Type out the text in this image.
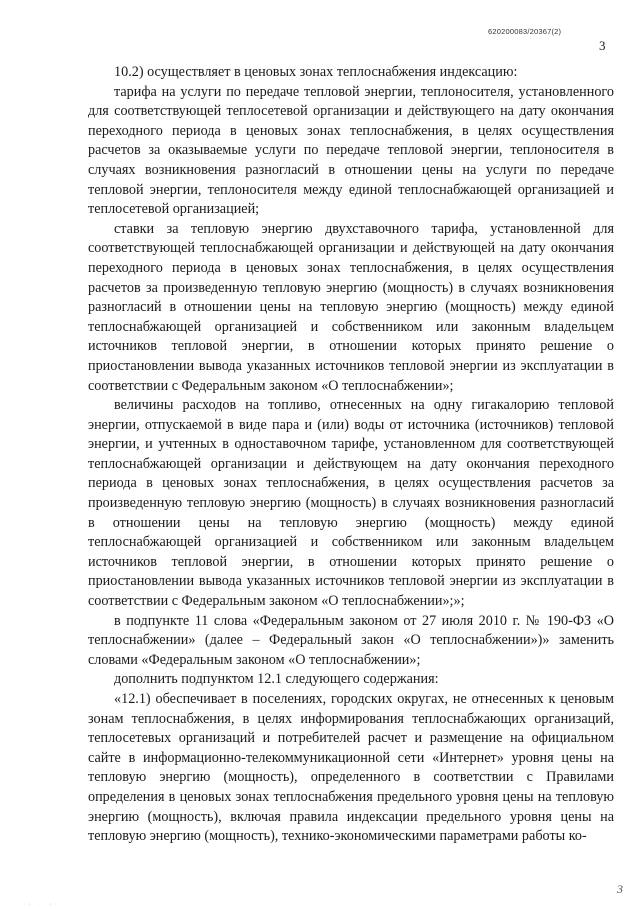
620200083/20367(2)
3

10.2) осуществляет в ценовых зонах теплоснабжения индексацию:

тарифа на услуги по передаче тепловой энергии, теплоносителя, установленного для соответствующей теплосетевой организации и действующего на дату окончания переходного периода в ценовых зонах теплоснабжения, в целях осуществления расчетов за оказываемые услуги по передаче тепловой энергии, теплоносителя в случаях возникновения разногласий в отношении цены на услуги по передаче тепловой энергии, теплоносителя между единой теплоснабжающей организацией и теплосетевой организацией;

ставки за тепловую энергию двухставочного тарифа, установленной для соответствующей теплоснабжающей организации и действующей на дату окончания переходного периода в ценовых зонах теплоснабжения, в целях осуществления расчетов за произведенную тепловую энергию (мощность) в случаях возникновения разногласий в отношении цены на тепловую энергию (мощность) между единой теплоснабжающей организацией и собственником или законным владельцем источников тепловой энергии, в отношении которых принято решение о приостановлении вывода указанных источников тепловой энергии из эксплуатации в соответствии с Федеральным законом «О теплоснабжении»;

величины расходов на топливо, отнесенных на одну гигакалорию тепловой энергии, отпускаемой в виде пара и (или) воды от источника (источников) тепловой энергии, и учтенных в одноставочном тарифе, установленном для соответствующей теплоснабжающей организации и действующем на дату окончания переходного периода в ценовых зонах теплоснабжения, в целях осуществления расчетов за произведенную тепловую энергию (мощность) в случаях возникновения разногласий в отношении цены на тепловую энергию (мощность) между единой теплоснабжающей организацией и собственником или законным владельцем источников тепловой энергии, в отношении которых принято решение о приостановлении вывода указанных источников тепловой энергии из эксплуатации в соответствии с Федеральным законом «О теплоснабжении»;»;

в подпункте 11 слова «Федеральным законом от 27 июля 2010 г. № 190-ФЗ «О теплоснабжении» (далее – Федеральный закон «О теплоснабжении»)» заменить словами «Федеральным законом «О теплоснабжении»;

дополнить подпунктом 12.1 следующего содержания:

«12.1) обеспечивает в поселениях, городских округах, не отнесенных к ценовым зонам теплоснабжения, в целях информирования теплоснабжающих организаций, теплосетевых организаций и потребителей расчет и размещение на официальном сайте в информационно-телекоммуникационной сети «Интернет» уровня цены на тепловую энергию (мощность), определенного в соответствии с Правилами определения в ценовых зонах теплоснабжения предельного уровня цены на тепловую энергию (мощность), включая правила индексации предельного уровня цены на тепловую энергию (мощность), технико-экономическими параметрами работы ко-

3
· · ·
